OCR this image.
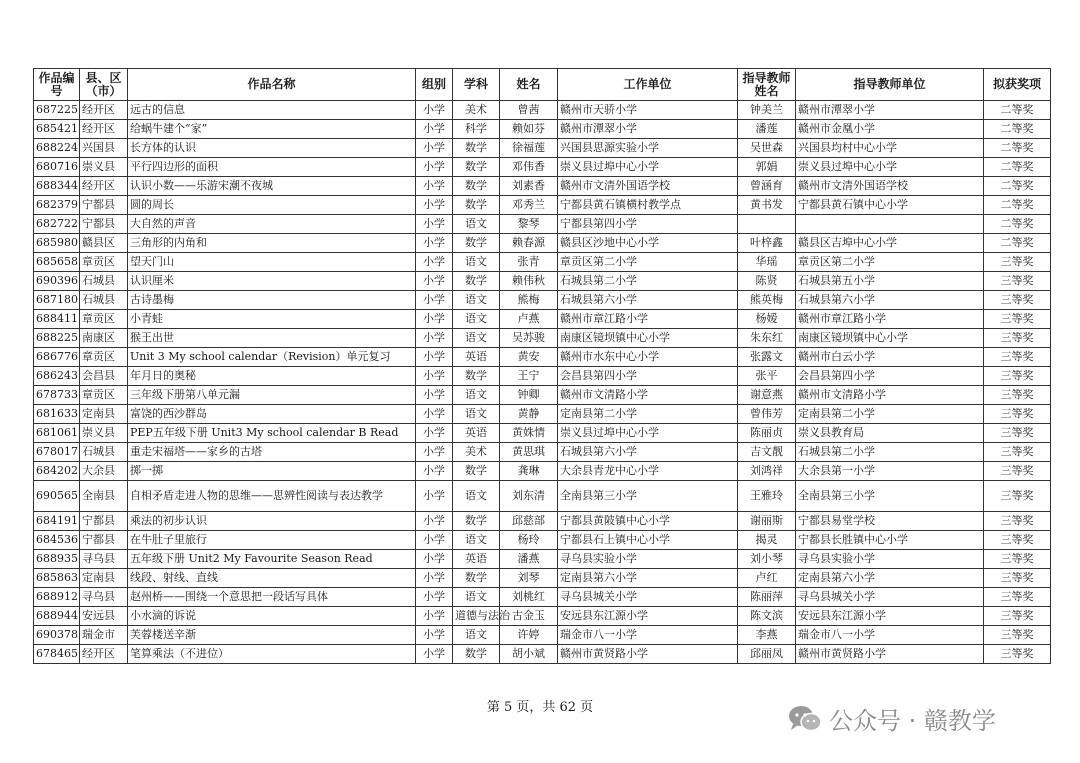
作品编号	县、区（市）	作品名称	组别	学科	姓名	工作单位	指导教师姓名	指导教师单位	拟获奖项
687225	经开区	远古的信息	小学	美术	曾茜	赣州市天骄小学	钟美兰	赣州市潭翠小学	二等奖
685421	经开区	给蜗牛建个“家”	小学	科学	赖如芬	赣州市潭翠小学	潘莲	赣州市金凰小学	二等奖
688224	兴国县	长方体的认识	小学	数学	徐福莲	兴国县思源实验小学	吴世森	兴国县均村中心小学	二等奖
680716	崇义县	平行四边形的面积	小学	数学	邓伟香	崇义县过埠中心小学	郭娟	崇义县过埠中心小学	二等奖
688344	经开区	认识小数——乐游宋潮不夜城	小学	数学	刘素香	赣州市文清外国语学校	曾涵育	赣州市文清外国语学校	二等奖
682379	宁都县	圆的周长	小学	数学	邓秀兰	宁都县黄石镇横村教学点	黄书发	宁都县黄石镇中心小学	二等奖
682722	宁都县	大自然的声音	小学	语文	黎琴	宁都县第四小学			二等奖
685980	赣县区	三角形的内角和	小学	数学	赖春源	赣县区沙地中心小学	叶梓鑫	赣县区吉埠中心小学	二等奖
685658	章贡区	望天门山	小学	语文	张青	章贡区第二小学	华瑶	章贡区第二小学	三等奖
690396	石城县	认识厘米	小学	数学	赖伟秋	石城县第二小学	陈贤	石城县第五小学	三等奖
687180	石城县	古诗墨梅	小学	语文	熊梅	石城县第六小学	熊英梅	石城县第六小学	三等奖
688411	章贡区	小青蛙	小学	语文	卢燕	赣州市章江路小学	杨嫒	赣州市章江路小学	三等奖
688225	南康区	猴王出世	小学	语文	吴苏骏	南康区镜坝镇中心小学	朱东红	南康区镜坝镇中心小学	三等奖
686776	章贡区	Unit 3 My school calendar（Revision）单元复习	小学	英语	黄安	赣州市水东中心小学	张露文	赣州市白云小学	三等奖
686243	会昌县	年月日的奥秘	小学	数学	王宁	会昌县第四小学	张平	会昌县第四小学	三等奖
678733	章贡区	三年级下册第八单元漏	小学	语文	钟卿	赣州市文清路小学	谢意燕	赣州市文清路小学	三等奖
681633	定南县	富饶的西沙群岛	小学	语文	黄静	定南县第二小学	曾伟芳	定南县第二小学	三等奖
681061	崇义县	PEP五年级下册 Unit3 My school calendar B Read	小学	英语	黄姝情	崇义县过埠中心小学	陈丽贞	崇义县教育局	三等奖
678017	石城县	重走宋福塔——家乡的古塔	小学	美术	黄思琪	石城县第六小学	吉文靓	石城县第二小学	三等奖
684202	大余县	掷一掷	小学	数学	龚琳	大余县青龙中心小学	刘鸿祥	大余县第一小学	三等奖
690565	全南县	自相矛盾走进人物的思维——思辨性阅读与表达教学	小学	语文	刘东清	全南县第三小学	王雅玲	全南县第三小学	三等奖
684191	宁都县	乘法的初步认识	小学	数学	邱慈部	宁都县黄陂镇中心小学	谢丽斯	宁都县易堂学校	三等奖
684536	宁都县	在牛肚子里旅行	小学	语文	杨玲	宁都县石上镇中心小学	揭灵	宁都县长胜镇中心小学	三等奖
688935	寻乌县	五年级下册 Unit2 My Favourite Season Read	小学	英语	潘燕	寻乌县实验小学	刘小琴	寻乌县实验小学	三等奖
685863	定南县	线段、射线、直线	小学	数学	刘琴	定南县第六小学	卢红	定南县第六小学	三等奖
688912	寻乌县	赵州桥——围绕一个意思把一段话写具体	小学	语文	刘桃红	寻乌县城关小学	陈丽萍	寻乌县城关小学	三等奖
688944	安远县	小水滴的诉说	小学	道德与法治	古金玉	安远县东江源小学	陈文滨	安远县东江源小学	三等奖
690378	瑞金市	芙蓉楼送辛渐	小学	语文	许婷	瑞金市八一小学	李燕	瑞金市八一小学	三等奖
678465	经开区	笔算乘法（不进位）	小学	数学	胡小斌	赣州市黄贤路小学	邱丽凤	赣州市黄贤路小学	三等奖
第 5 页，共 62 页	公众号 · 赣教学
